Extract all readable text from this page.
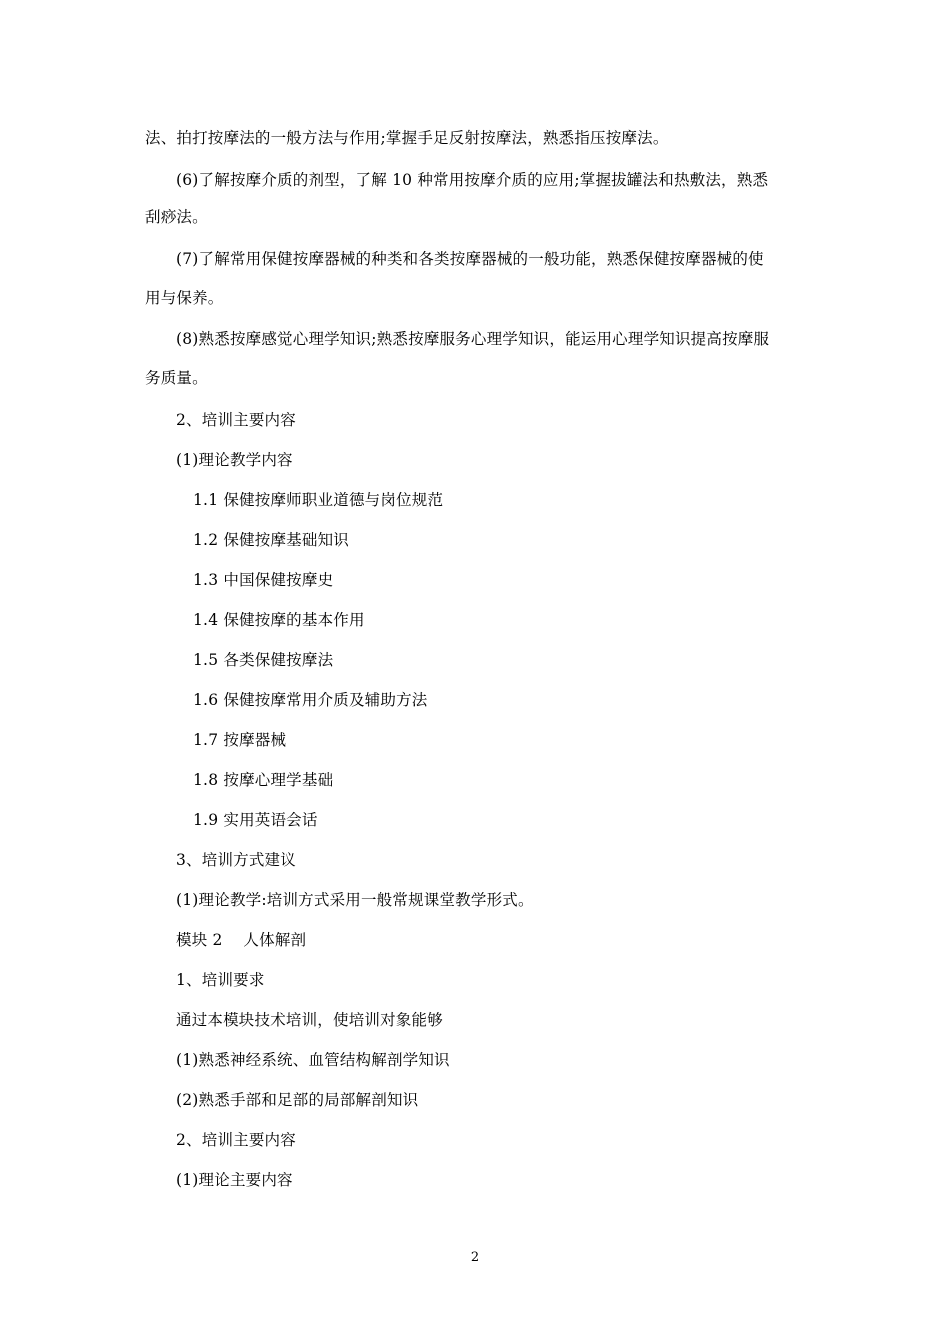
法、拍打按摩法的一般方法与作用;掌握手足反射按摩法，熟悉指压按摩法。
(6)了解按摩介质的剂型，了解 10 种常用按摩介质的应用;掌握拔罐法和热敷法，熟悉
刮痧法。
(7)了解常用保健按摩器械的种类和各类按摩器械的一般功能，熟悉保健按摩器械的使
用与保养。
(8)熟悉按摩感觉心理学知识;熟悉按摩服务心理学知识，能运用心理学知识提高按摩服
务质量。
2、培训主要内容
(1)理论教学内容
1.1 保健按摩师职业道德与岗位规范
1.2 保健按摩基础知识
1.3 中国保健按摩史
1.4 保健按摩的基本作用
1.5 各类保健按摩法
1.6 保健按摩常用介质及辅助方法
1.7 按摩器械
1.8 按摩心理学基础
1.9 实用英语会话
3、培训方式建议
(1)理论教学:培训方式采用一般常规课堂教学形式。
模块 2　 人体解剖
1、培训要求
通过本模块技术培训，使培训对象能够
(1)熟悉神经系统、血管结构解剖学知识
(2)熟悉手部和足部的局部解剖知识
2、培训主要内容
(1)理论主要内容
2
